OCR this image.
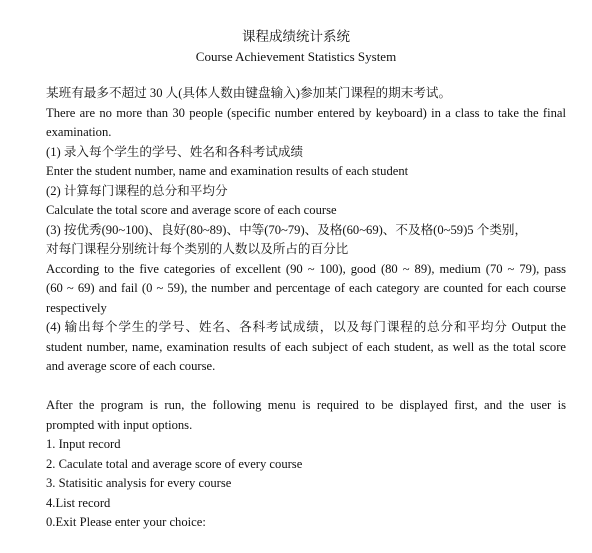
课程成绩统计系统
Course Achievement Statistics System
某班有最多不超过 30 人(具体人数由键盘输入)参加某门课程的期末考试。
There are no more than 30 people (specific number entered by keyboard) in a class to take the final
examination.
(1) 录入每个学生的学号、姓名和各科考试成绩
Enter the student number, name and examination results of each student
(2) 计算每门课程的总分和平均分
Calculate the total score and average score of each course
(3) 按优秀(90~100)、良好(80~89)、中等(70~79)、及格(60~69)、不及格(0~59)5 个类别，
对每门课程分别统计每个类别的人数以及所占的百分比
According to the five categories of excellent (90 ~ 100), good (80 ~ 89), medium (70 ~ 79), pass
(60 ~ 69) and fail (0 ~ 59), the number and percentage of each category are counted for each course
respectively
(4) 输出每个学生的学号、姓名、各科考试成绩，以及每门课程的总分和平均分 Output the
student number, name, examination results of each subject of each student, as well as the total score
and average score of each course.
After the program is run, the following menu is required to be displayed first, and the user is
prompted with input options.
1. Input record
2. Caculate total and average score of every course
3. Statisitic analysis for every course
4.List record
0.Exit Please enter your choice:
